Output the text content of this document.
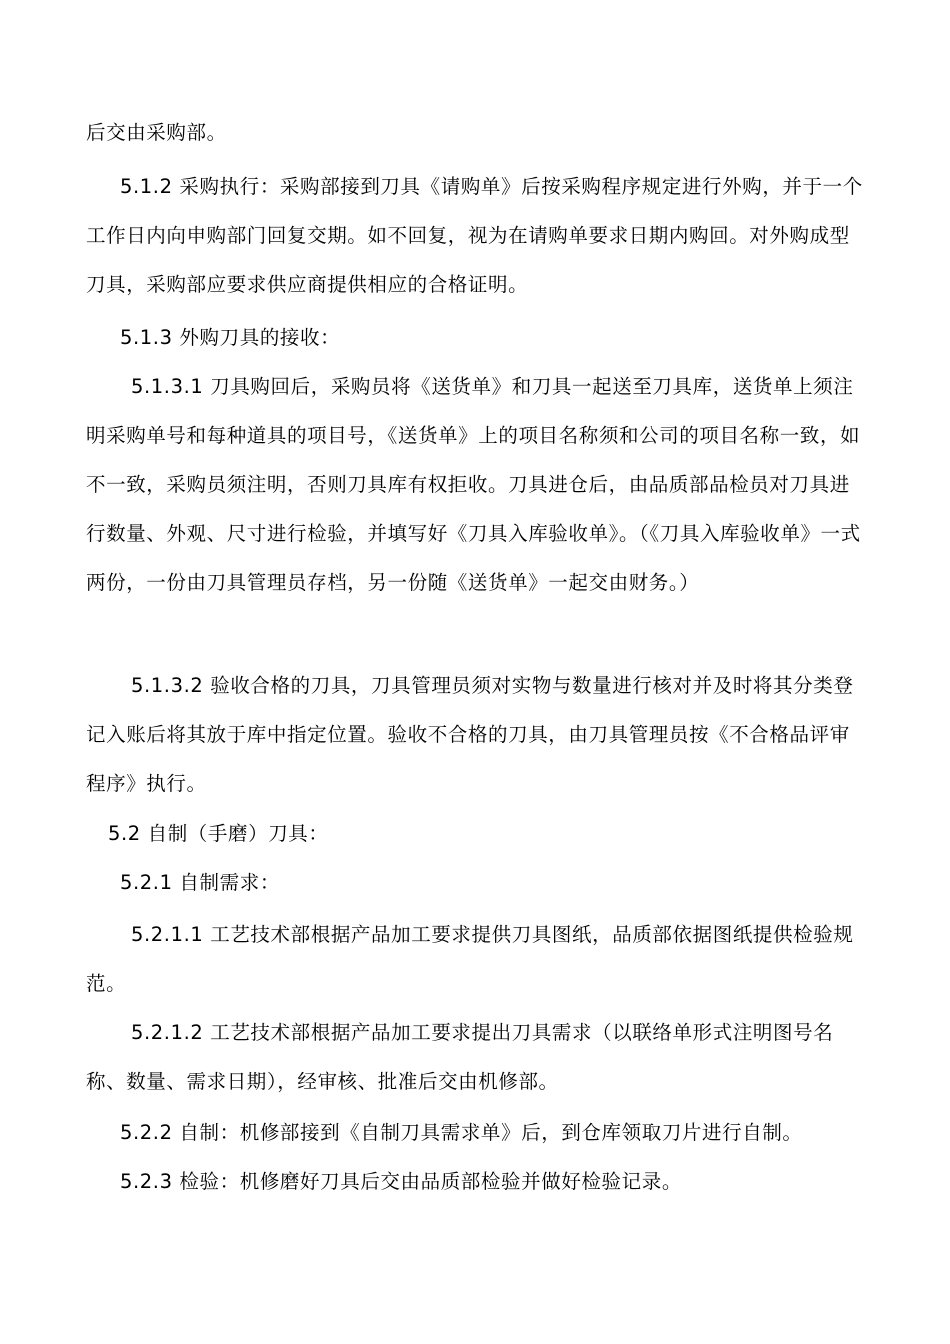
后交由采购部。

5.1.2 采购执行：采购部接到刀具《请购单》后按采购程序规定进行外购，并于一个工作日内向申购部门回复交期。如不回复，视为在请购单要求日期内购回。对外购成型刀具，采购部应要求供应商提供相应的合格证明。

5.1.3 外购刀具的接收：

5.1.3.1 刀具购回后，采购员将《送货单》和刀具一起送至刀具库，送货单上须注明采购单号和每种道具的项目号，《送货单》上的项目名称须和公司的项目名称一致，如不一致，采购员须注明，否则刀具库有权拒收。刀具进仓后，由品质部品检员对刀具进行数量、外观、尺寸进行检验，并填写好《刀具入库验收单》。（《刀具入库验收单》一式两份，一份由刀具管理员存档，另一份随《送货单》一起交由财务。）

5.1.3.2 验收合格的刀具，刀具管理员须对实物与数量进行核对并及时将其分类登记入账后将其放于库中指定位置。验收不合格的刀具，由刀具管理员按《不合格品评审程序》执行。

5.2 自制（手磨）刀具：

5.2.1 自制需求：

5.2.1.1 工艺技术部根据产品加工要求提供刀具图纸，品质部依据图纸提供检验规范。

5.2.1.2 工艺技术部根据产品加工要求提出刀具需求（以联络单形式注明图号名称、数量、需求日期），经审核、批准后交由机修部。

5.2.2 自制：机修部接到《自制刀具需求单》后，到仓库领取刀片进行自制。

5.2.3 检验：机修磨好刀具后交由品质部检验并做好检验记录。
